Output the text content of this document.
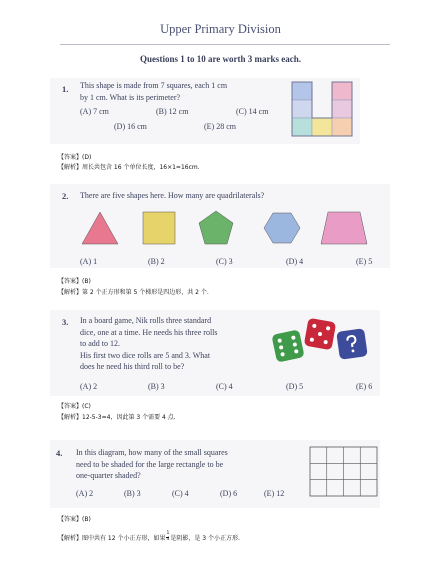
Upper Primary Division
Questions 1 to 10 are worth 3 marks each.
1. This shape is made from 7 squares, each 1 cm
by 1 cm. What is its perimeter?
(A) 7 cm	(B) 12 cm	(C) 14 cm
(D) 16 cm	(E) 28 cm
【答案】(D)
【解析】周长共包含 16 个单位长度，16×1=16cm.
2. There are five shapes here. How many are quadrilaterals?
(A) 1	(B) 2	(C) 3	(D) 4	(E) 5
【答案】(B)
【解析】第 2 个正方形和第 5 个梯形是四边形，共 2 个.
3. In a board game, Nik rolls three standard
dice, one at a time. He needs his three rolls
to add to 12.
His first two dice rolls are 5 and 3. What
does he need his third roll to be?
(A) 2	(B) 3	(C) 4	(D) 5	(E) 6
【答案】(C)
【解析】12-5-3=4，因此第 3 个需要 4 点.
4. In this diagram, how many of the small squares
need to be shaded for the large rectangle to be
one-quarter shaded?
(A) 2	(B) 3	(C) 4	(D) 6	(E) 12
【答案】(B)
【解析】图中共有 12 个小正方形，如果 $\frac{1}{4}$ 是阴影，是 3 个小正方形.
